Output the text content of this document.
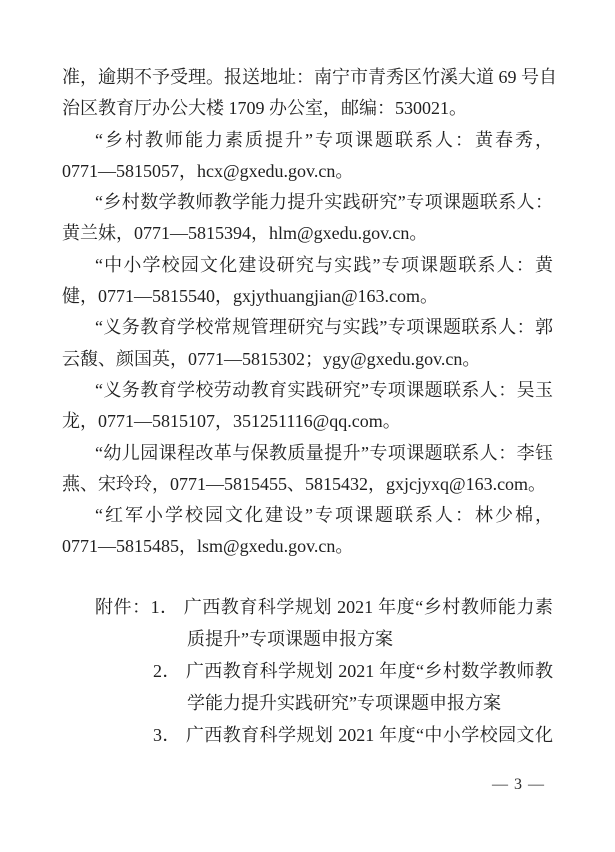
准，逾期不予受理。报送地址：南宁市青秀区竹溪大道 69 号自
治区教育厅办公大楼 1709 办公室，邮编：530021。
“乡村教师能力素质提升”专项课题联系人：黄春秀，
0771—5815057，hcx@gxedu.gov.cn。
“乡村数学教师教学能力提升实践研究”专项课题联系人：
黄兰妹，0771—5815394，hlm@gxedu.gov.cn。
“中小学校园文化建设研究与实践”专项课题联系人：黄
健，0771—5815540，gxjythuangjian@163.com。
“义务教育学校常规管理研究与实践”专项课题联系人：郭
云馥、颜国英，0771—5815302；ygy@gxedu.gov.cn。
“义务教育学校劳动教育实践研究”专项课题联系人：吴玉
龙，0771—5815107，351251116@qq.com。
“幼儿园课程改革与保教质量提升”专项课题联系人：李钰
燕、宋玲玲，0771—5815455、5815432，gxjcjyxq@163.com。
“红军小学校园文化建设”专项课题联系人：林少棉，
0771—5815485，lsm@gxedu.gov.cn。
附件：1． 广西教育科学规划 2021 年度“乡村教师能力素
质提升”专项课题申报方案
2． 广西教育科学规划 2021 年度“乡村数学教师教
学能力提升实践研究”专项课题申报方案
3． 广西教育科学规划 2021 年度“中小学校园文化
— 3 —
